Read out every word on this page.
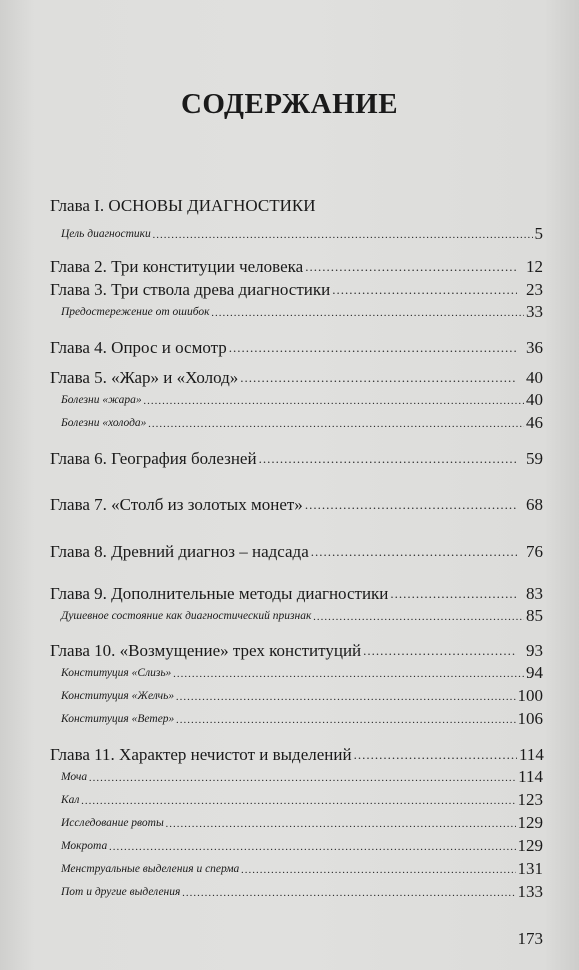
СОДЕРЖАНИЕ
Глава I. ОСНОВЫ ДИАГНОСТИКИ
Цель диагностики .....	5
Глава 2. Три конституции человека .....	12
Глава 3. Три ствола древа диагностики .....	23
Предостережение от ошибок .....	33
Глава 4. Опрос и осмотр .....	36
Глава 5. «Жар» и «Холод» .....	40
Болезни «жара» .....	40
Болезни «холода» .....	46
Глава 6. География болезней .....	59
Глава 7. «Столб из золотых монет» .....	68
Глава 8. Древний диагноз – надсада .....	76
Глава 9. Дополнительные методы диагностики .....	83
Душевное состояние как диагностический признак .....	85
Глава 10. «Возмущение» трех конституций .....	93
Конституция «Слизь» .....	94
Конституция «Желчь» .....	100
Конституция «Ветер» .....	106
Глава 11. Характер нечистот и выделений .....	114
Моча .....	114
Кал .....	123
Исследование рвоты .....	129
Мокрота .....	129
Менструальные выделения и сперма .....	131
Пот и другие выделения .....	133
173
